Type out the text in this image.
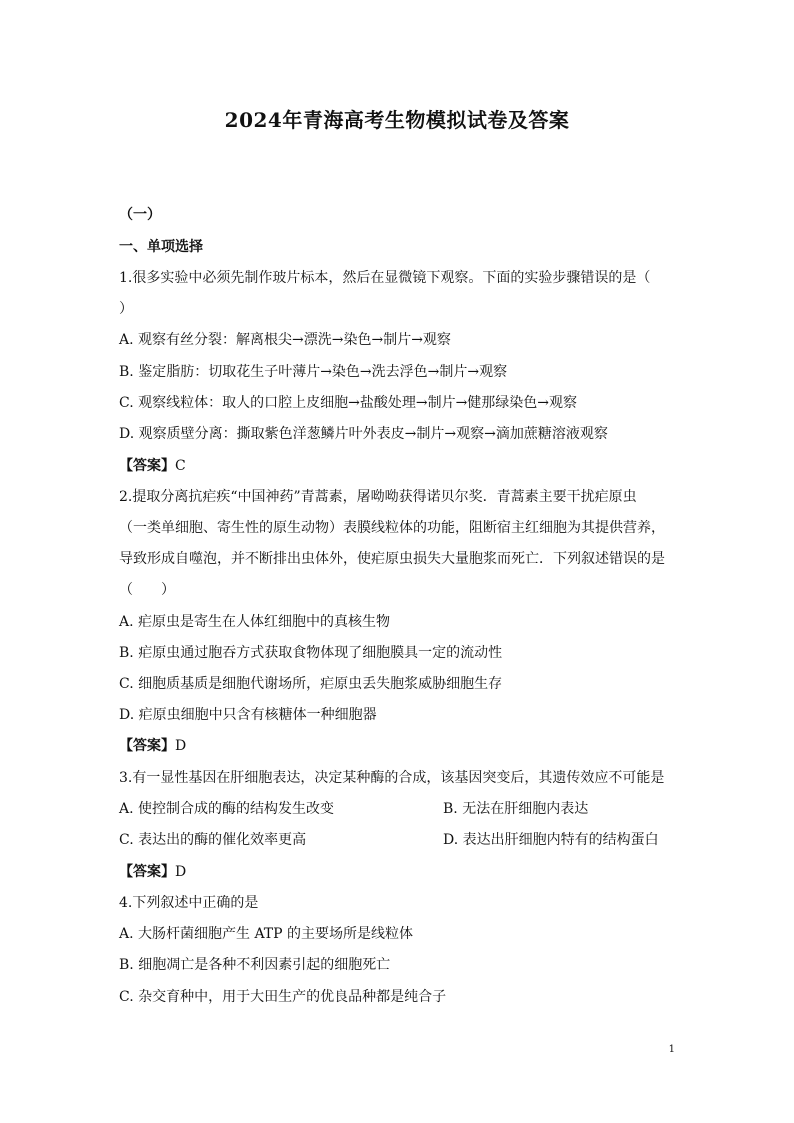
2024年青海高考生物模拟试卷及答案
（一）
一、单项选择
1.很多实验中必须先制作玻片标本，然后在显微镜下观察。下面的实验步骤错误的是（
）
A. 观察有丝分裂：解离根尖→漂洗→染色→制片→观察
B. 鉴定脂肪：切取花生子叶薄片→染色→洗去浮色→制片→观察
C. 观察线粒体：取人的口腔上皮细胞→盐酸处理→制片→健那绿染色→观察
D. 观察质壁分离：撕取紫色洋葱鳞片叶外表皮→制片→观察→滴加蔗糖溶液观察
【答案】C
2.提取分离抗疟疾“中国神药”青蒿素，屠呦呦获得诺贝尔奖．青蒿素主要干扰疟原虫
（一类单细胞、寄生性的原生动物）表膜线粒体的功能，阻断宿主红细胞为其提供营养，
导致形成自噬泡，并不断排出虫体外，使疟原虫损失大量胞浆而死亡．下列叙述错误的是
（　　）
A. 疟原虫是寄生在人体红细胞中的真核生物
B. 疟原虫通过胞吞方式获取食物体现了细胞膜具一定的流动性
C. 细胞质基质是细胞代谢场所，疟原虫丢失胞浆威胁细胞生存
D. 疟原虫细胞中只含有核糖体一种细胞器
【答案】D
3.有一显性基因在肝细胞表达，决定某种酶的合成，该基因突变后，其遗传效应不可能是
A. 使控制合成的酶的结构发生改变	B. 无法在肝细胞内表达
C. 表达出的酶的催化效率更高	D. 表达出肝细胞内特有的结构蛋白
【答案】D
4.下列叙述中正确的是
A. 大肠杆菌细胞产生 ATP 的主要场所是线粒体
B. 细胞凋亡是各种不利因素引起的细胞死亡
C. 杂交育种中，用于大田生产的优良品种都是纯合子
1
